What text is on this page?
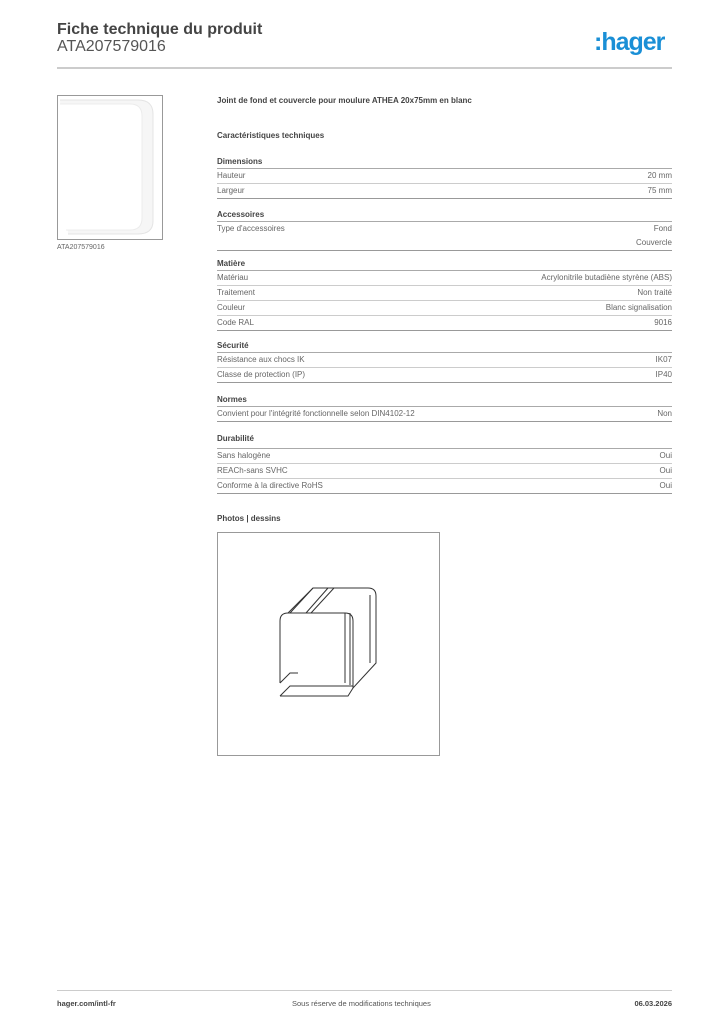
Fiche technique du produit
ATA207579016	:hager
ATA207579016
Joint de fond et couvercle pour moulure ATHEA 20x75mm en blanc
Caractéristiques techniques
Dimensions
Hauteur	20 mm
Largeur	75 mm
Accessoires
Type d'accessoires	Fond
Couvercle
Matière
Matériau	Acrylonitrile butadiène styrène (ABS)
Traitement	Non traité
Couleur	Blanc signalisation
Code RAL	9016
Sécurité
Résistance aux chocs IK	IK07
Classe de protection (IP)	IP40
Normes
Convient pour l'intégrité fonctionnelle selon DIN4102-12	Non
Durabilité
Sans halogène	Oui
REACh-sans SVHC	Oui
Conforme à la directive RoHS	Oui
Photos | dessins
hager.com/intl-fr	Sous réserve de modifications techniques	06.03.2026
